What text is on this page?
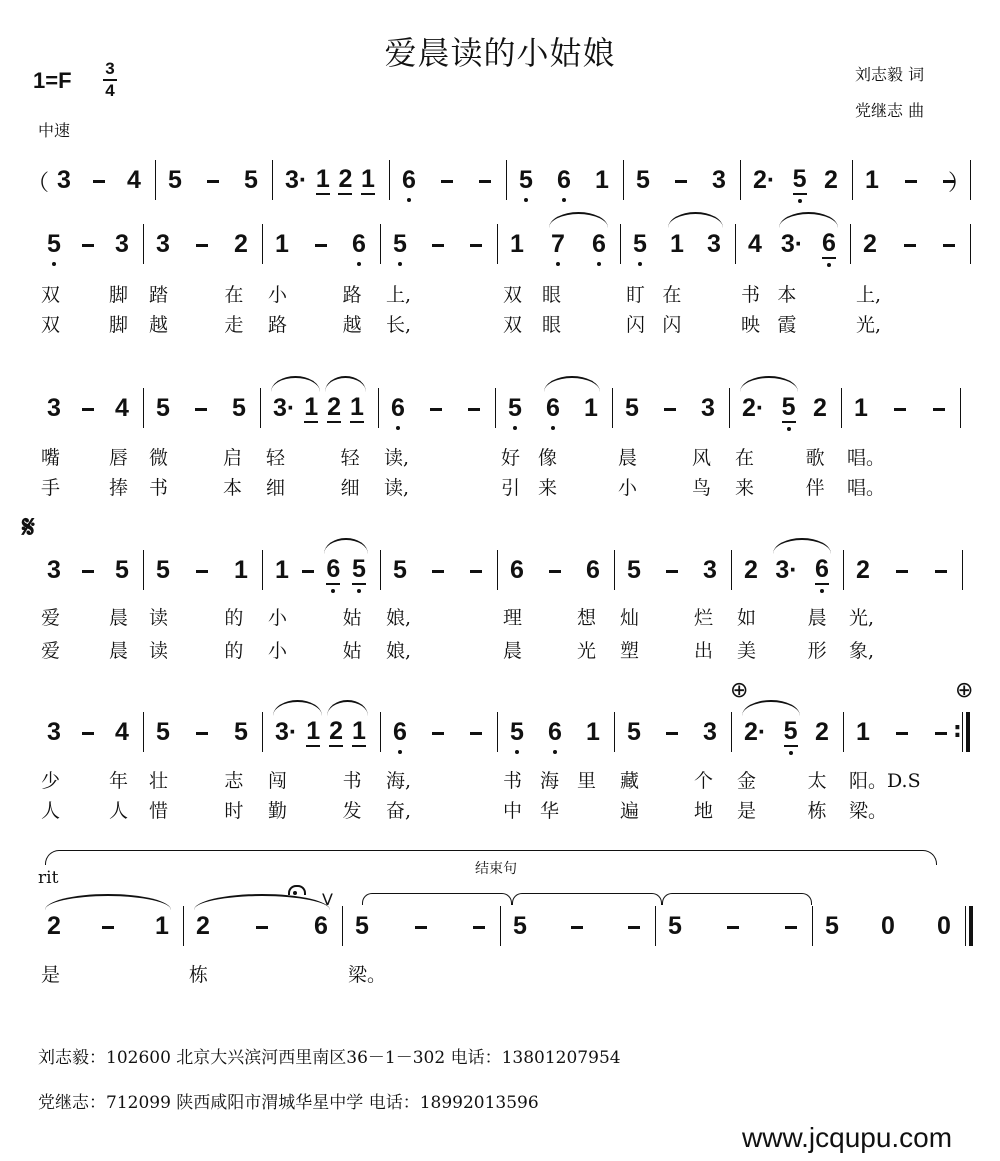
爱晨读的小姑娘
1=F 3
4
中速
刘志毅 词
党继志 曲
𝄋
⊕	⊕
rit	结束句
V
刘志毅：102600 北京大兴滨河西里南区36－1－302 电话：13801207954
党继志：712099 陕西咸阳市渭城华星中学 电话：18992013596
www.jcqupu.com
3 4 5 5 3· 1 2 1 6	5 6 1 5 3 2· 5 2 1
（	）
5 3 3	2 1	6 5	1 7 6 5 1 3 4 3· 6 2
双	脚	踏	在	小	路	上,	双	眼	盯 在	书 本	上,
双	脚	越	走	路	越	长,	双	眼	闪 闪	映 霞	光,
3 4 5 5 3· 1 2 1 6	5 6 1 5 3 2· 5 2 1
嘴	唇	微	启	轻	轻	读,	好 像	晨	风	在	歌	唱。
手	捧	书	本	细	细	读,	引 来	小	鸟	来	伴	唱。
3 5 5	1 1 6 5 5	6 6 5 3 2 3· 6 2
爱	晨	读	的	小	姑	娘,	理	想	灿	烂	如	晨	光,
爱	晨	读	的	小	姑	娘,	晨	光	塑	出	美	形	象,
3 4 5	5 3· 1 2 1 6	5 6 1 5 3 2· 5 2 1	:
少	年	壮	志	闯	书	海,	书 海 里	藏	个	金	太	阳。D.S
人	人	惜	时	勤	发	奋,	中 华	遍	地	是	栋	梁。
2	1 2	6 5	5	5	5 0 0
是	栋	梁。
